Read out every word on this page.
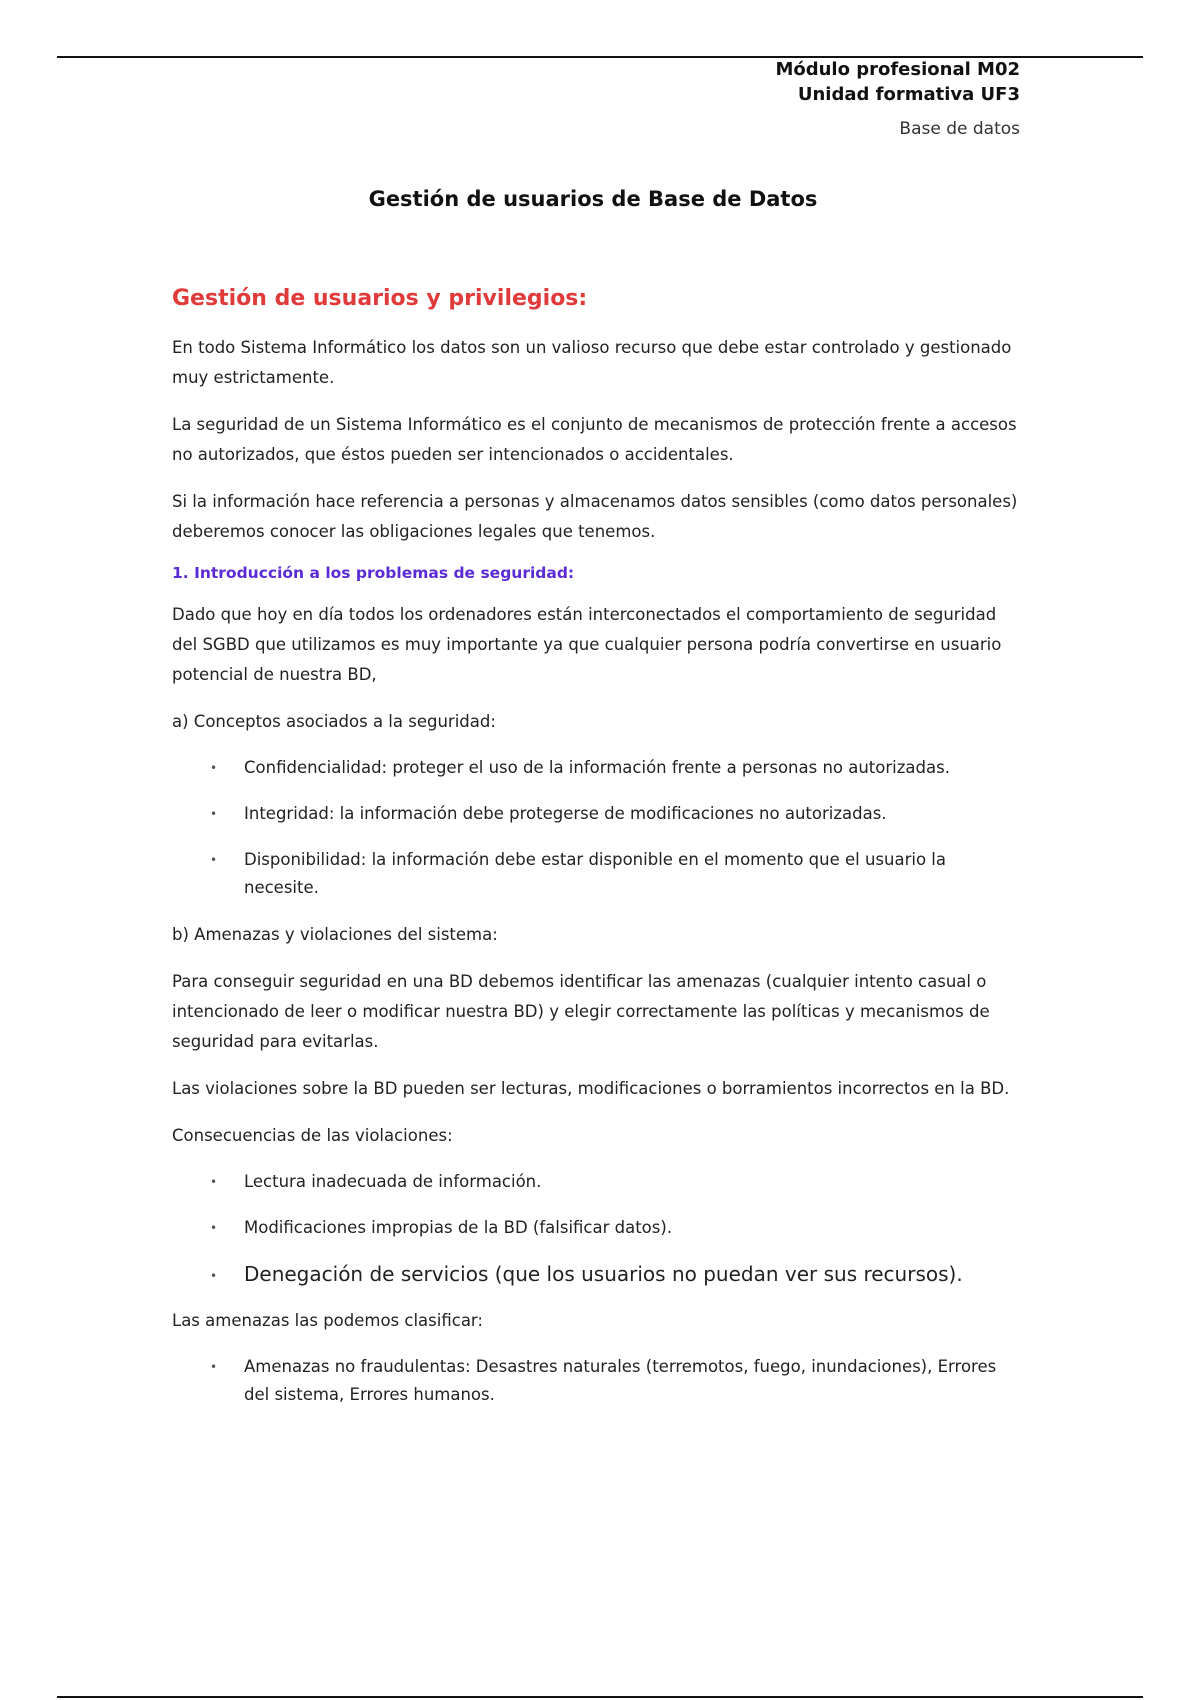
Módulo profesional M02
Unidad formativa UF3
Base de datos
Gestión de usuarios de Base de Datos
Gestión de usuarios y privilegios:

En todo Sistema Informático los datos son un valioso recurso que debe estar controlado y gestionado muy estrictamente.

La seguridad de un Sistema Informático es el conjunto de mecanismos de protección frente a accesos no autorizados, que éstos pueden ser intencionados o accidentales.

Si la información hace referencia a personas y almacenamos datos sensibles (como datos personales) deberemos conocer las obligaciones legales que tenemos.

1. Introducción a los problemas de seguridad:

Dado que hoy en día todos los ordenadores están interconectados el comportamiento de seguridad del SGBD que utilizamos es muy importante ya que cualquier persona podría convertirse en usuario potencial de nuestra BD,

a) Conceptos asociados a la seguridad:

• Confidencialidad: proteger el uso de la información frente a personas no autorizadas.
• Integridad: la información debe protegerse de modificaciones no autorizadas.
• Disponibilidad: la información debe estar disponible en el momento que el usuario la necesite.

b) Amenazas y violaciones del sistema:

Para conseguir seguridad en una BD debemos identificar las amenazas (cualquier intento casual o intencionado de leer o modificar nuestra BD) y elegir correctamente las políticas y mecanismos de seguridad para evitarlas.

Las violaciones sobre la BD pueden ser lecturas, modificaciones o borramientos incorrectos en la BD.

Consecuencias de las violaciones:

• Lectura inadecuada de información.
• Modificaciones impropias de la BD (falsificar datos).
• Denegación de servicios (que los usuarios no puedan ver sus recursos).

Las amenazas las podemos clasificar:

• Amenazas no fraudulentas: Desastres naturales (terremotos, fuego, inundaciones), Errores del sistema, Errores humanos.
